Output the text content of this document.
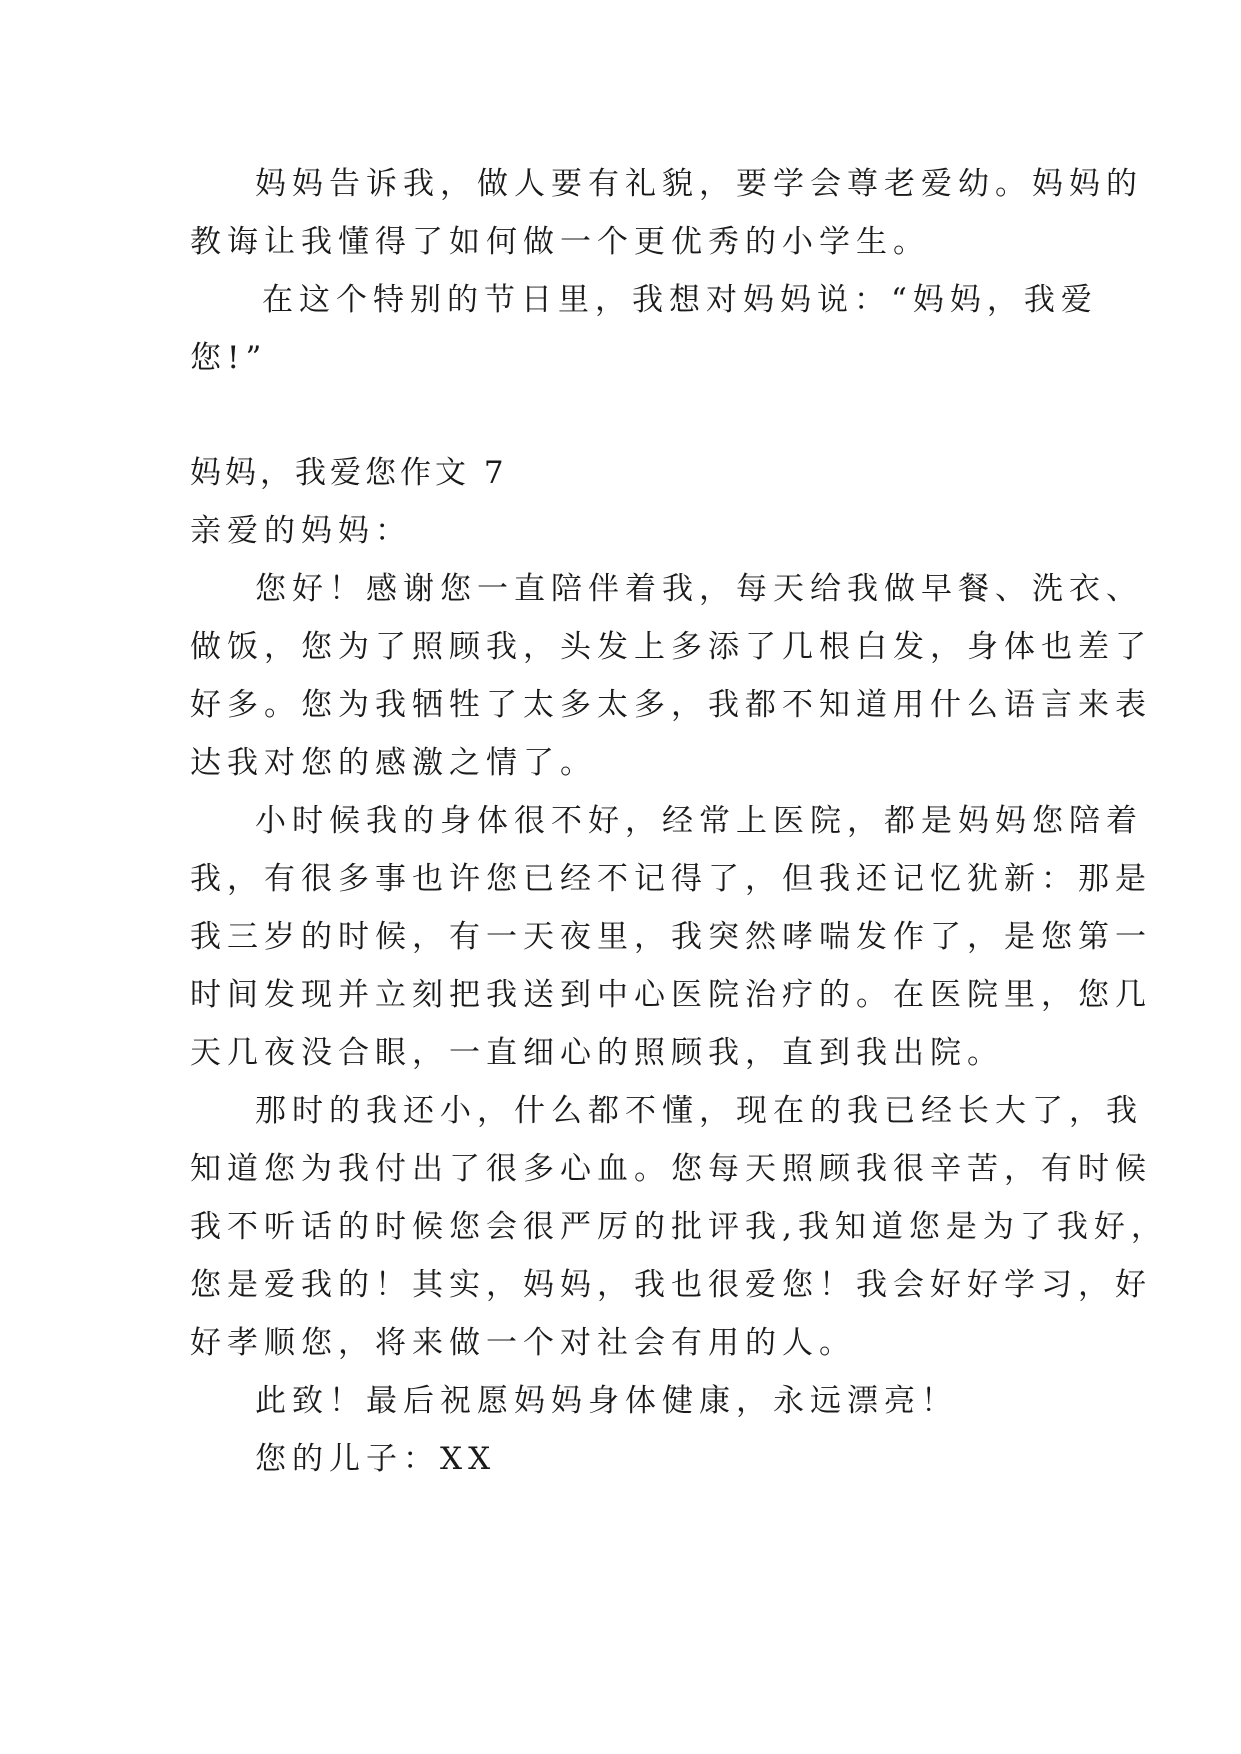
妈妈告诉我，做人要有礼貌，要学会尊老爱幼。妈妈的
教诲让我懂得了如何做一个更优秀的小学生。
在这个特别的节日里，我想对妈妈说：“妈妈，我爱
您!”
妈妈，我爱您作文 7
亲爱的妈妈：
您好！感谢您一直陪伴着我，每天给我做早餐、洗衣、
做饭，您为了照顾我，头发上多添了几根白发，身体也差了
好多。您为我牺牲了太多太多，我都不知道用什么语言来表
达我对您的感激之情了。
小时候我的身体很不好，经常上医院，都是妈妈您陪着
我，有很多事也许您已经不记得了，但我还记忆犹新：那是
我三岁的时候，有一天夜里，我突然哮喘发作了，是您第一
时间发现并立刻把我送到中心医院治疗的。在医院里，您几
天几夜没合眼，一直细心的照顾我，直到我出院。
那时的我还小，什么都不懂，现在的我已经长大了，我
知道您为我付出了很多心血。您每天照顾我很辛苦，有时候
我不听话的时候您会很严厉的批评我,我知道您是为了我好，
您是爱我的！其实，妈妈，我也很爱您！我会好好学习，好
好孝顺您，将来做一个对社会有用的人。
此致！最后祝愿妈妈身体健康，永远漂亮！
您的儿子：XX
